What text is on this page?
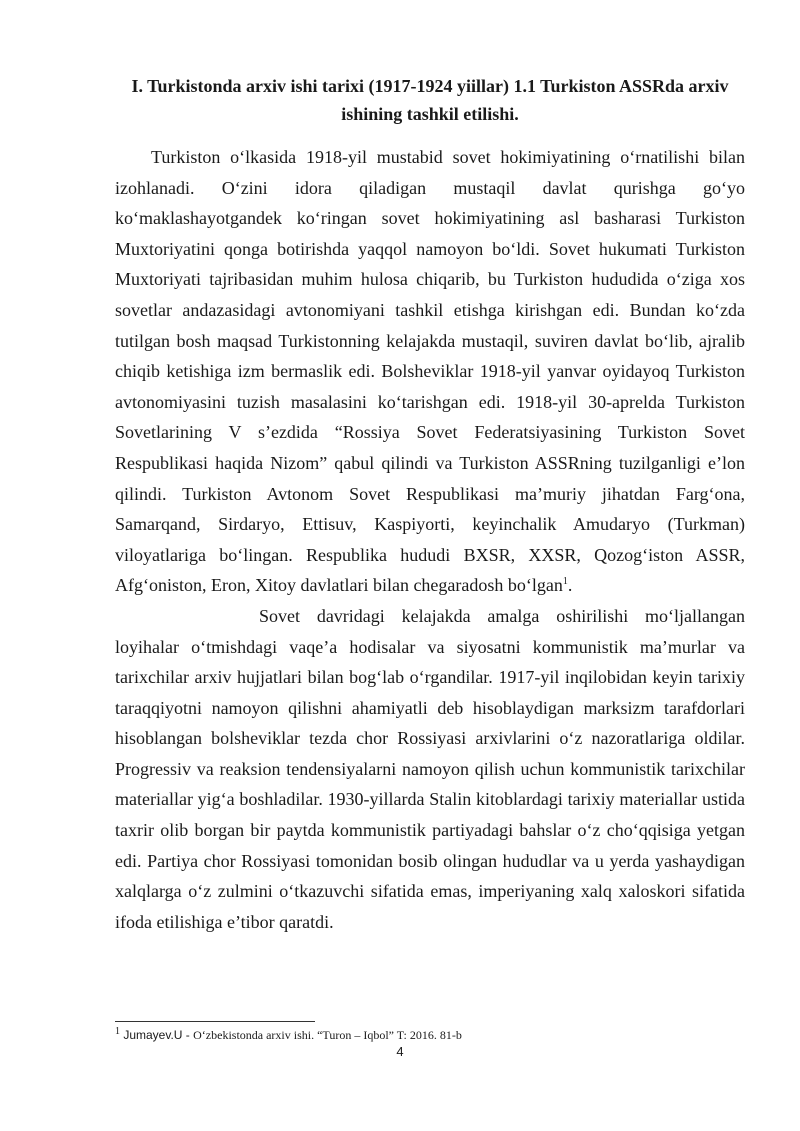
I. Turkistonda arxiv ishi tarixi (1917-1924 yiillar) 1.1 Turkiston ASSRda arxiv ishining tashkil etilishi.

Turkiston o‘lkasida 1918-yil mustabid sovet hokimiyatining o‘rnatilishi bilan izohlanadi. O‘zini idora qiladigan mustaqil davlat qurishga go‘yo ko‘maklashayotgandek ko‘ringan sovet hokimiyatining asl basharasi Turkiston Muxtoriyatini qonga botirishda yaqqol namoyon bo‘ldi. Sovet hukumati Turkiston Muxtoriyati tajribasidan muhim hulosa chiqarib, bu Turkiston hududida o‘ziga xos sovetlar andazasidagi avtonomiyani tashkil etishga kirishgan edi. Bundan ko‘zda tutilgan bosh maqsad Turkistonning kelajakda mustaqil, suviren davlat bo‘lib, ajralib chiqib ketishiga izm bermaslik edi. Bolsheviklar 1918-yil yanvar oyidayoq Turkiston avtonomiyasini tuzish masalasini ko‘tarishgan edi. 1918-yil 30-aprelda Turkiston Sovetlarining V s’ezdida “Rossiya Sovet Federatsiyasining Turkiston Sovet Respublikasi haqida Nizom” qabul qilindi va Turkiston ASSRning tuzilganligi e’lon qilindi. Turkiston Avtonom Sovet Respublikasi ma’muriy jihatdan Farg‘ona, Samarqand, Sirdaryo, Ettisuv, Kaspiyorti, keyinchalik Amudaryo (Turkman) viloyatlariga bo‘lingan. Respublika hududi BXSR, XXSR, Qozog‘iston ASSR, Afg‘oniston, Eron, Xitoy davlatlari bilan chegaradosh bo‘lgan$^1$.

Sovet davridagi kelajakda amalga oshirilishi mo‘ljallangan loyihalar o‘tmishdagi vaqe’a hodisalar va siyosatni kommunistik ma’murlar va tarixchilar arxiv hujjatlari bilan bog‘lab o‘rgandilar. 1917-yil inqilobidan keyin tarixiy taraqqiyotni namoyon qilishni ahamiyatli deb hisoblaydigan marksizm tarafdorlari hisoblangan bolsheviklar tezda chor Rossiyasi arxivlarini o‘z nazoratlariga oldilar. Progressiv va reaksion tendensiyalarni namoyon qilish uchun kommunistik tarixchilar materiallar yig‘a boshladilar. 1930-yillarda Stalin kitoblardagi tarixiy materiallar ustida taxrir olib borgan bir paytda kommunistik partiyadagi bahslar o‘z cho‘qqisiga yetgan edi. Partiya chor Rossiyasi tomonidan bosib olingan hududlar va u yerda yashaydigan xalqlarga o‘z zulmini o‘tkazuvchi sifatida emas, imperiyaning xalq xaloskori sifatida ifoda etilishiga e’tibor qaratdi.

$^1$ Jumayev.U - O‘zbekistonda arxiv ishi. “Turon – Iqbol” T: 2016. 81-b
4
